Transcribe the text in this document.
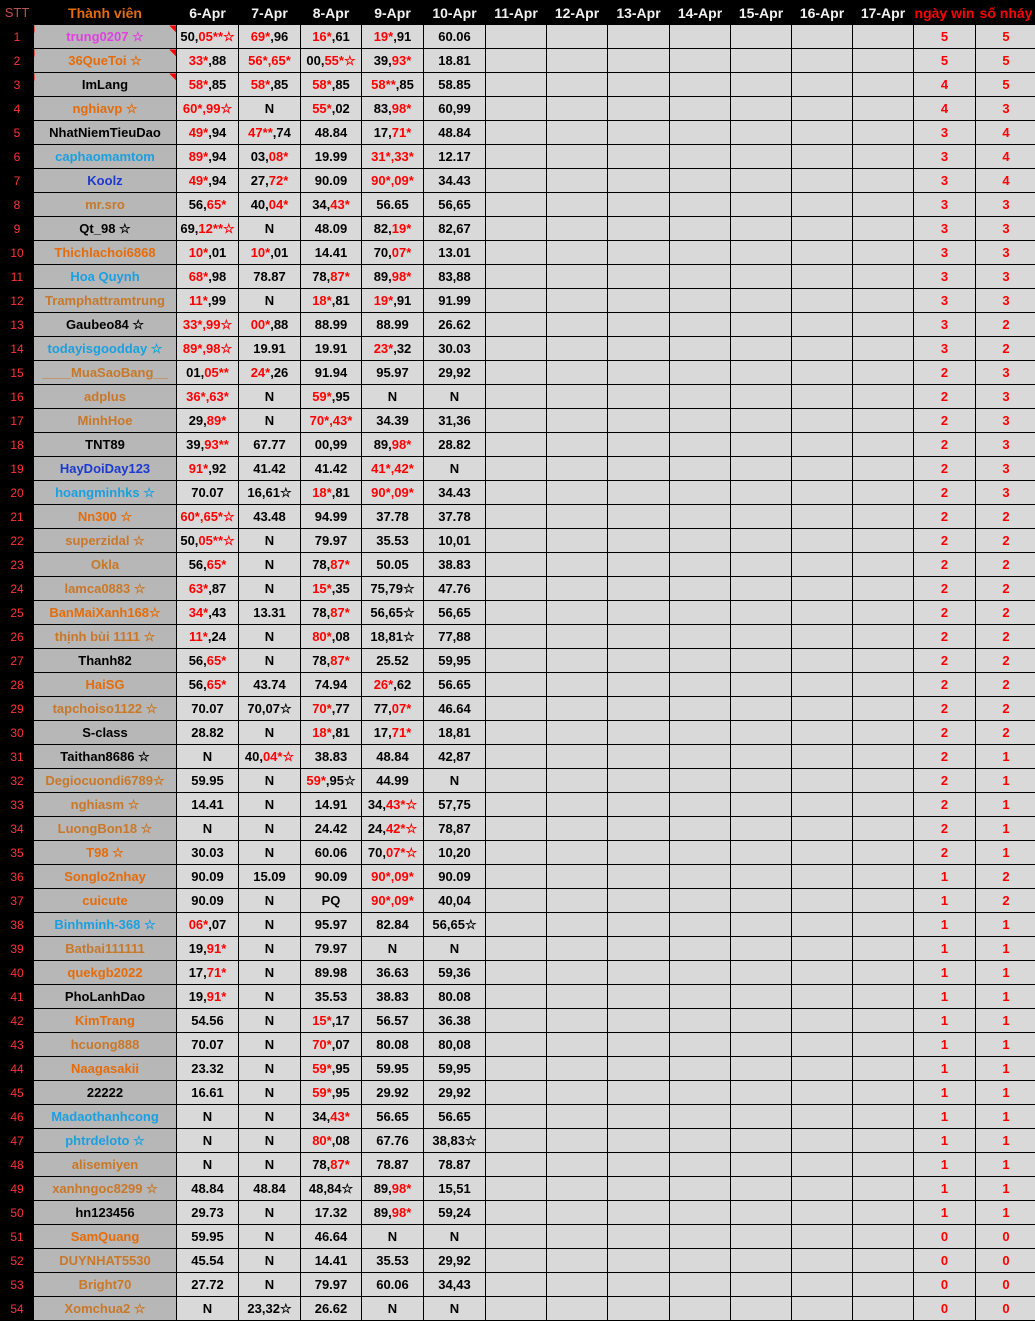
STT	Thành viên	6-Apr	7-Apr	8-Apr	9-Apr	10-Apr	11-Apr	12-Apr	13-Apr	14-Apr	15-Apr	16-Apr	17-Apr	ngày win	số nháy
1	trung0207 ☆	50,05**☆	69*,96	16*,61	19*,91	60.06								5	5
2	36QueToi ☆	33*,88	56*,65*	00,55*☆	39,93*	18.81								5	5
3	ImLang	58*,85	58*,85	58*,85	58**,85	58.85								4	5
4	nghiavp ☆	60*,99☆	N	55*,02	83,98*	60,99								4	3
5	NhatNiemTieuDao	49*,94	47**,74	48.84	17,71*	48.84								3	4
6	caphaomamtom	89*,94	03,08*	19.99	31*,33*	12.17								3	4
7	Koolz	49*,94	27,72*	90.09	90*,09*	34.43								3	4
8	mr.sro	56,65*	40,04*	34,43*	56.65	56,65								3	3
9	Qt_98 ☆	69,12**☆	N	48.09	82,19*	82,67								3	3
10	Thichlachoi6868	10*,01	10*,01	14.41	70,07*	13.01								3	3
11	Hoa Quynh	68*,98	78.87	78,87*	89,98*	83,88								3	3
12	Tramphattramtrung	11*,99	N	18*,81	19*,91	91.99								3	3
13	Gaubeo84 ☆	33*,99☆	00*,88	88.99	88.99	26.62								3	2
14	todayisgoodday ☆	89*,98☆	19.91	19.91	23*,32	30.03								3	2
15	____MuaSaoBang__	01,05**	24*,26	91.94	95.97	29,92								2	3
16	adplus	36*,63*	N	59*,95	N	N								2	3
17	MinhHoe	29,89*	N	70*,43*	34.39	31,36								2	3
18	TNT89	39,93**	67.77	00,99	89,98*	28.82								2	3
19	HayDoiDay123	91*,92	41.42	41.42	41*,42*	N								2	3
20	hoangminhks ☆	70.07	16,61☆	18*,81	90*,09*	34.43								2	3
21	Nn300 ☆	60*,65*☆	43.48	94.99	37.78	37.78								2	2
22	superzidal ☆	50,05**☆	N	79.97	35.53	10,01								2	2
23	Okla	56,65*	N	78,87*	50.05	38.83								2	2
24	lamca0883 ☆	63*,87	N	15*,35	75,79☆	47.76								2	2
25	BanMaiXanh168☆	34*,43	13.31	78,87*	56,65☆	56,65								2	2
26	thịnh bùi 1111 ☆	11*,24	N	80*,08	18,81☆	77,88								2	2
27	Thanh82	56,65*	N	78,87*	25.52	59,95								2	2
28	HaiSG	56,65*	43.74	74.94	26*,62	56.65								2	2
29	tapchoiso1122 ☆	70.07	70,07☆	70*,77	77,07*	46.64								2	2
30	S-class	28.82	N	18*,81	17,71*	18,81								2	2
31	Taithan8686 ☆	N	40,04*☆	38.83	48.84	42,87								2	1
32	Degiocuondi6789☆	59.95	N	59*,95☆	44.99	N								2	1
33	nghiasm ☆	14.41	N	14.91	34,43*☆	57,75								2	1
34	LuongBon18 ☆	N	N	24.42	24,42*☆	78,87								2	1
35	T98 ☆	30.03	N	60.06	70,07*☆	10,20								2	1
36	Songlo2nhay	90.09	15.09	90.09	90*,09*	90.09								1	2
37	cuicute	90.09	N	PQ	90*,09*	40,04								1	2
38	Binhminh-368 ☆	06*,07	N	95.97	82.84	56,65☆								1	1
39	Batbai111111	19,91*	N	79.97	N	N								1	1
40	quekgb2022	17,71*	N	89.98	36.63	59,36								1	1
41	PhoLanhDao	19,91*	N	35.53	38.83	80.08								1	1
42	KimTrang	54.56	N	15*,17	56.57	36.38								1	1
43	hcuong888	70.07	N	70*,07	80.08	80,08								1	1
44	Naagasakii	23.32	N	59*,95	59.95	59,95								1	1
45	22222	16.61	N	59*,95	29.92	29,92								1	1
46	Madaothanhcong	N	N	34,43*	56.65	56.65								1	1
47	phtrdeloto ☆	N	N	80*,08	67.76	38,83☆								1	1
48	alisemiyen	N	N	78,87*	78.87	78.87								1	1
49	xanhngoc8299 ☆	48.84	48.84	48,84☆	89,98*	15,51								1	1
50	hn123456	29.73	N	17.32	89,98*	59,24								1	1
51	SamQuang	59.95	N	46.64	N	N								0	0
52	DUYNHAT5530	45.54	N	14.41	35.53	29,92								0	0
53	Bright70	27.72	N	79.97	60.06	34,43								0	0
54	Xomchua2 ☆	N	23,32☆	26.62	N	N								0	0
